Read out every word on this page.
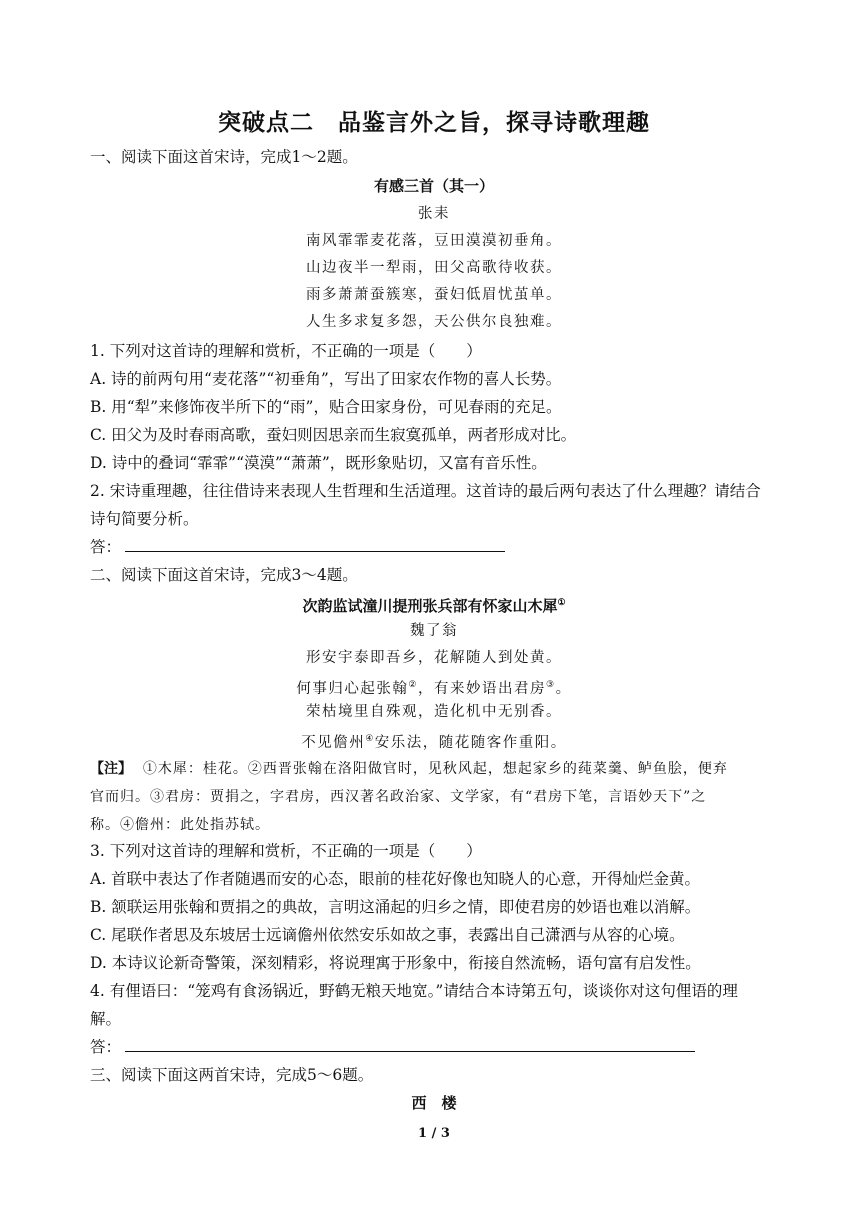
突破点二　品鉴言外之旨，探寻诗歌理趣
一、阅读下面这首宋诗，完成1～2题。
有感三首（其一）
张耒
南风霏霏麦花落，豆田漠漠初垂角。
山边夜半一犁雨，田父高歌待收获。
雨多萧萧蚕簇寒，蚕妇低眉忧茧单。
人生多求复多怨，天公供尔良独难。
1. 下列对这首诗的理解和赏析，不正确的一项是（　　）
A. 诗的前两句用“麦花落”“初垂角”，写出了田家农作物的喜人长势。
B. 用“犁”来修饰夜半所下的“雨”，贴合田家身份，可见春雨的充足。
C. 田父为及时春雨高歌，蚕妇则因思亲而生寂寞孤单，两者形成对比。
D. 诗中的叠词“霏霏”“漠漠”“萧萧”，既形象贴切，又富有音乐性。
2. 宋诗重理趣，往往借诗来表现人生哲理和生活道理。这首诗的最后两句表达了什么理趣？请结合
诗句简要分析。
答：
二、阅读下面这首宋诗，完成3～4题。
次韵监试潼川提刑张兵部有怀家山木犀①
魏了翁
形安宇泰即吾乡，花解随人到处黄。
何事归心起张翰②，有来妙语出君房③。
荣枯境里自殊观，造化机中无别香。
不见儋州④安乐法，随花随客作重阳。
【注】 ①木犀：桂花。②西晋张翰在洛阳做官时，见秋风起，想起家乡的莼菜羹、鲈鱼脍，便弃
官而归。③君房：贾捐之，字君房，西汉著名政治家、文学家，有“君房下笔，言语妙天下”之
称。④儋州：此处指苏轼。
3. 下列对这首诗的理解和赏析，不正确的一项是（　　）
A. 首联中表达了作者随遇而安的心态，眼前的桂花好像也知晓人的心意，开得灿烂金黄。
B. 颔联运用张翰和贾捐之的典故，言明这涌起的归乡之情，即使君房的妙语也难以消解。
C. 尾联作者思及东坡居士远谪儋州依然安乐如故之事，表露出自己潇洒与从容的心境。
D. 本诗议论新奇警策，深刻精彩，将说理寓于形象中，衔接自然流畅，语句富有启发性。
4. 有俚语曰：“笼鸡有食汤锅近，野鹤无粮天地宽。”请结合本诗第五句，谈谈你对这句俚语的理
解。
答：
三、阅读下面这两首宋诗，完成5～6题。
西　楼
1 / 3
